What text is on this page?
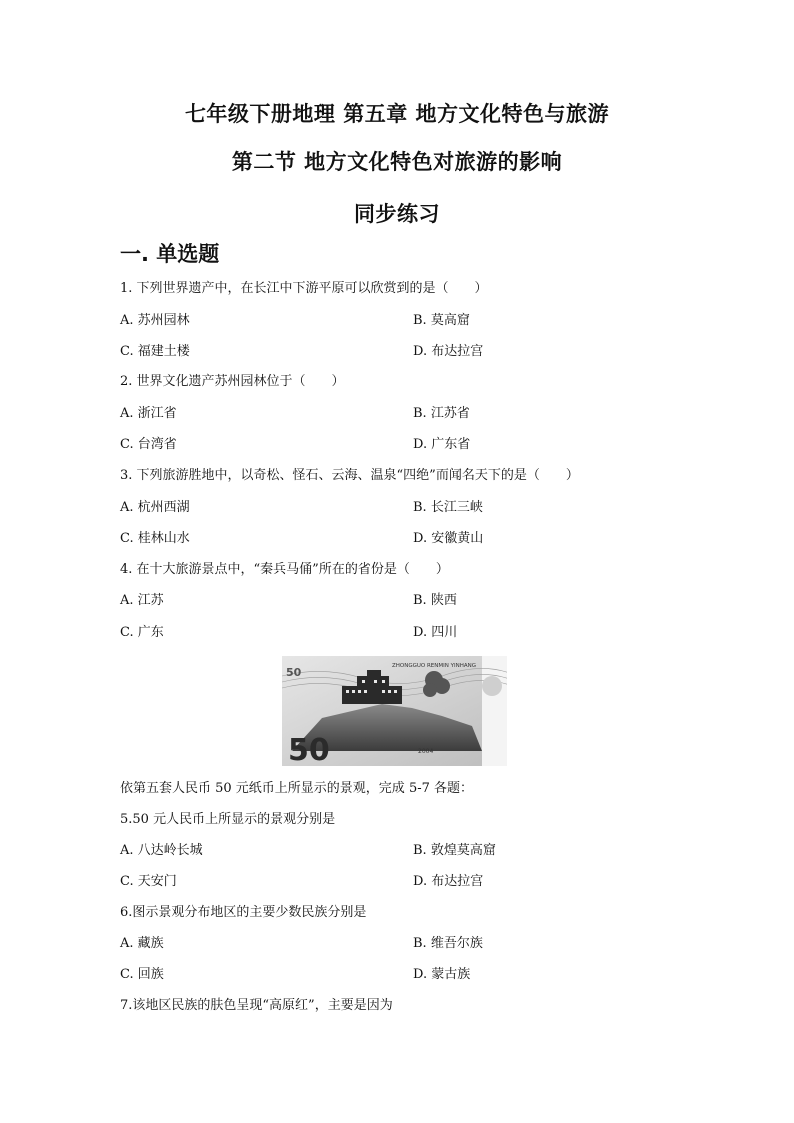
七年级下册地理 第五章 地方文化特色与旅游
第二节 地方文化特色对旅游的影响
同步练习
一. 单选题
1. 下列世界遗产中，在长江中下游平原可以欣赏到的是（　　）
A. 苏州园林	B. 莫高窟
C. 福建土楼	D. 布达拉宫
2. 世界文化遗产苏州园林位于（　　）
A. 浙江省	B. 江苏省
C. 台湾省	D. 广东省
3. 下列旅游胜地中，以奇松、怪石、云海、温泉“四绝”而闻名天下的是（　　）
A. 杭州西湖	B. 长江三峡
C. 桂林山水	D. 安徽黄山
4. 在十大旅游景点中，“秦兵马俑”所在的省份是（　　）
A. 江苏	B. 陕西
C. 广东	D. 四川
50
50	ZHONGGUO RENMIN YINHANG
2004
依第五套人民币 50 元纸币上所显示的景观，完成 5-7 各题：
5.50 元人民币上所显示的景观分别是
A. 八达岭长城	B. 敦煌莫高窟
C. 天安门	D. 布达拉宫
6.图示景观分布地区的主要少数民族分别是
A. 藏族	B. 维吾尔族
C. 回族	D. 蒙古族
7.该地区民族的肤色呈现“高原红”，主要是因为
